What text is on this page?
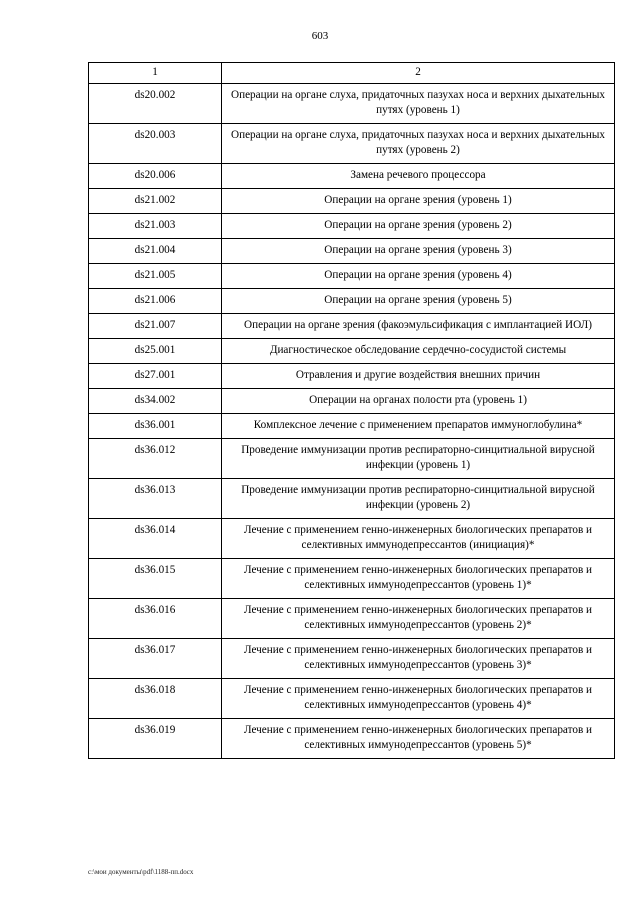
603
1	2
ds20.002	Операции на органе слуха, придаточных пазухах носа и верхних дыхательных путях (уровень 1)
ds20.003	Операции на органе слуха, придаточных пазухах носа и верхних дыхательных путях (уровень 2)
ds20.006	Замена речевого процессора
ds21.002	Операции на органе зрения (уровень 1)
ds21.003	Операции на органе зрения (уровень 2)
ds21.004	Операции на органе зрения (уровень 3)
ds21.005	Операции на органе зрения (уровень 4)
ds21.006	Операции на органе зрения (уровень 5)
ds21.007	Операции на органе зрения (факоэмульсификация с имплантацией ИОЛ)
ds25.001	Диагностическое обследование сердечно-сосудистой системы
ds27.001	Отравления и другие воздействия внешних причин
ds34.002	Операции на органах полости рта (уровень 1)
ds36.001	Комплексное лечение с применением препаратов иммуноглобулина*
ds36.012	Проведение иммунизации против респираторно-синцитиальной вирусной инфекции (уровень 1)
ds36.013	Проведение иммунизации против респираторно-синцитиальной вирусной инфекции (уровень 2)
ds36.014	Лечение с применением генно-инженерных биологических препаратов и селективных иммунодепрессантов (инициация)*
ds36.015	Лечение с применением генно-инженерных биологических препаратов и селективных иммунодепрессантов (уровень 1)*
ds36.016	Лечение с применением генно-инженерных биологических препаратов и селективных иммунодепрессантов (уровень 2)*
ds36.017	Лечение с применением генно-инженерных биологических препаратов и селективных иммунодепрессантов (уровень 3)*
ds36.018	Лечение с применением генно-инженерных биологических препаратов и селективных иммунодепрессантов (уровень 4)*
ds36.019	Лечение с применением генно-инженерных биологических препаратов и селективных иммунодепрессантов (уровень 5)*
c:\мои документы\pdf\1188-пп.docx
